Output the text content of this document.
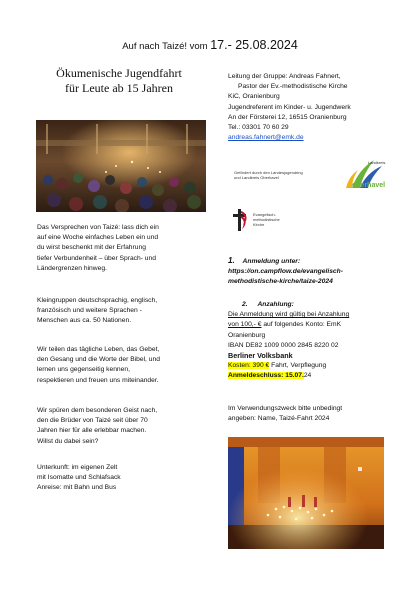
Auf nach Taizé! vom 17.- 25.08.2024
Ökumenische Jugendfahrt
für Leute ab 15 Jahren
Das Versprechen von Taizé: lass dich ein
auf eine Woche einfaches Leben ein und
du wirst beschenkt mit der Erfahrung
tiefer Verbundenheit – über Sprach- und
Ländergrenzen hinweg.
Kleingruppen deutschsprachig, englisch,
französisch und weitere Sprachen -
Menschen aus ca. 50 Nationen.
Wir teilen das tägliche Leben, das Gebet,
den Gesang und die Worte der Bibel, und
lernen uns gegenseitig kennen,
respektieren und freuen uns miteinander.
Wir spüren dem besonderen Geist nach,
den die Brüder von Taizé seit über 70
Jahren hier für alle erlebbar machen.
Willst du dabei sein?
Unterkunft: im eigenen Zelt
mit Isomatte und Schlafsack
Anreise: mit Bahn und Bus
Leitung der Gruppe: Andreas Fahnert,
Pastor der Ev.-methodistische Kirche
KiC, Oranienburg
Jugendreferent im Kinder- u. Jugendwerk
An der Försterei 12, 16515 Oranienburg
Tel.: 03301 70 60 29
andreas.fahnert@emk.de
Gefördert durch den Landesjugendring
und Landkreis Oberhavel
Landkreis
oberhavel
Evangelisch-
methodistische
Kirche
1. Anmeldung unter:
https://on.campflow.de/evangelisch-
methodistische-kirche/taize-2024
2. Anzahlung:
Die Anmeldung wird gültig bei Anzahlung
von 100,- € auf folgendes Konto: EmK
Oranienburg
IBAN DE82 1009 0000 2845 8220 02
Berliner Volksbank
Kosten: 390 € Fahrt, Verpflegung
Anmeldeschluss: 15.07.24
Im Verwendungszweck bitte unbedingt
angeben: Name, Taizé-Fahrt 2024
